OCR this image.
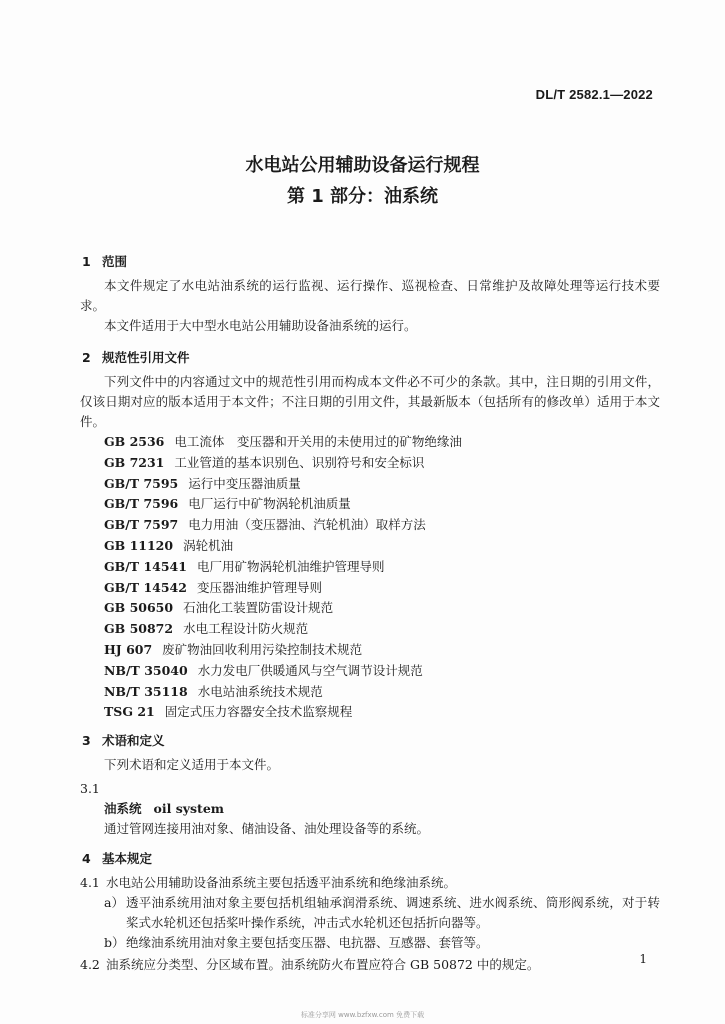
DL/T 2582.1—2022
水电站公用辅助设备运行规程
第 1 部分：油系统
1 范围

本文件规定了水电站油系统的运行监视、运行操作、巡视检查、日常维护及故障处理等运行技术要求。

本文件适用于大中型水电站公用辅助设备油系统的运行。

2 规范性引用文件

下列文件中的内容通过文中的规范性引用而构成本文件必不可少的条款。其中，注日期的引用文件，仅该日期对应的版本适用于本文件；不注日期的引用文件，其最新版本（包括所有的修改单）适用于本文件。

GB 2536 电工流体　变压器和开关用的未使用过的矿物绝缘油
GB 7231 工业管道的基本识别色、识别符号和安全标识
GB/T 7595 运行中变压器油质量
GB/T 7596 电厂运行中矿物涡轮机油质量
GB/T 7597 电力用油（变压器油、汽轮机油）取样方法
GB 11120 涡轮机油
GB/T 14541 电厂用矿物涡轮机油维护管理导则
GB/T 14542 变压器油维护管理导则
GB 50650 石油化工装置防雷设计规范
GB 50872 水电工程设计防火规范
HJ 607 废矿物油回收利用污染控制技术规范
NB/T 35040 水力发电厂供暖通风与空气调节设计规范
NB/T 35118 水电站油系统技术规范
TSG 21 固定式压力容器安全技术监察规程
3 术语和定义

下列术语和定义适用于本文件。

3.1
油系统 oil system
通过管网连接用油对象、储油设备、油处理设备等的系统。
4 基本规定
4.1 水电站公用辅助设备油系统主要包括透平油系统和绝缘油系统。
a） 透平油系统用油对象主要包括机组轴承润滑系统、调速系统、进水阀系统、筒形阀系统，对于转桨式水轮机还包括桨叶操作系统，冲击式水轮机还包括折向器等。
b） 绝缘油系统用油对象主要包括变压器、电抗器、互感器、套管等。
4.2 油系统应分类型、分区域布置。油系统防火布置应符合 GB 50872 中的规定。	1
标准分享网 www.bzfxw.com 免费下载
